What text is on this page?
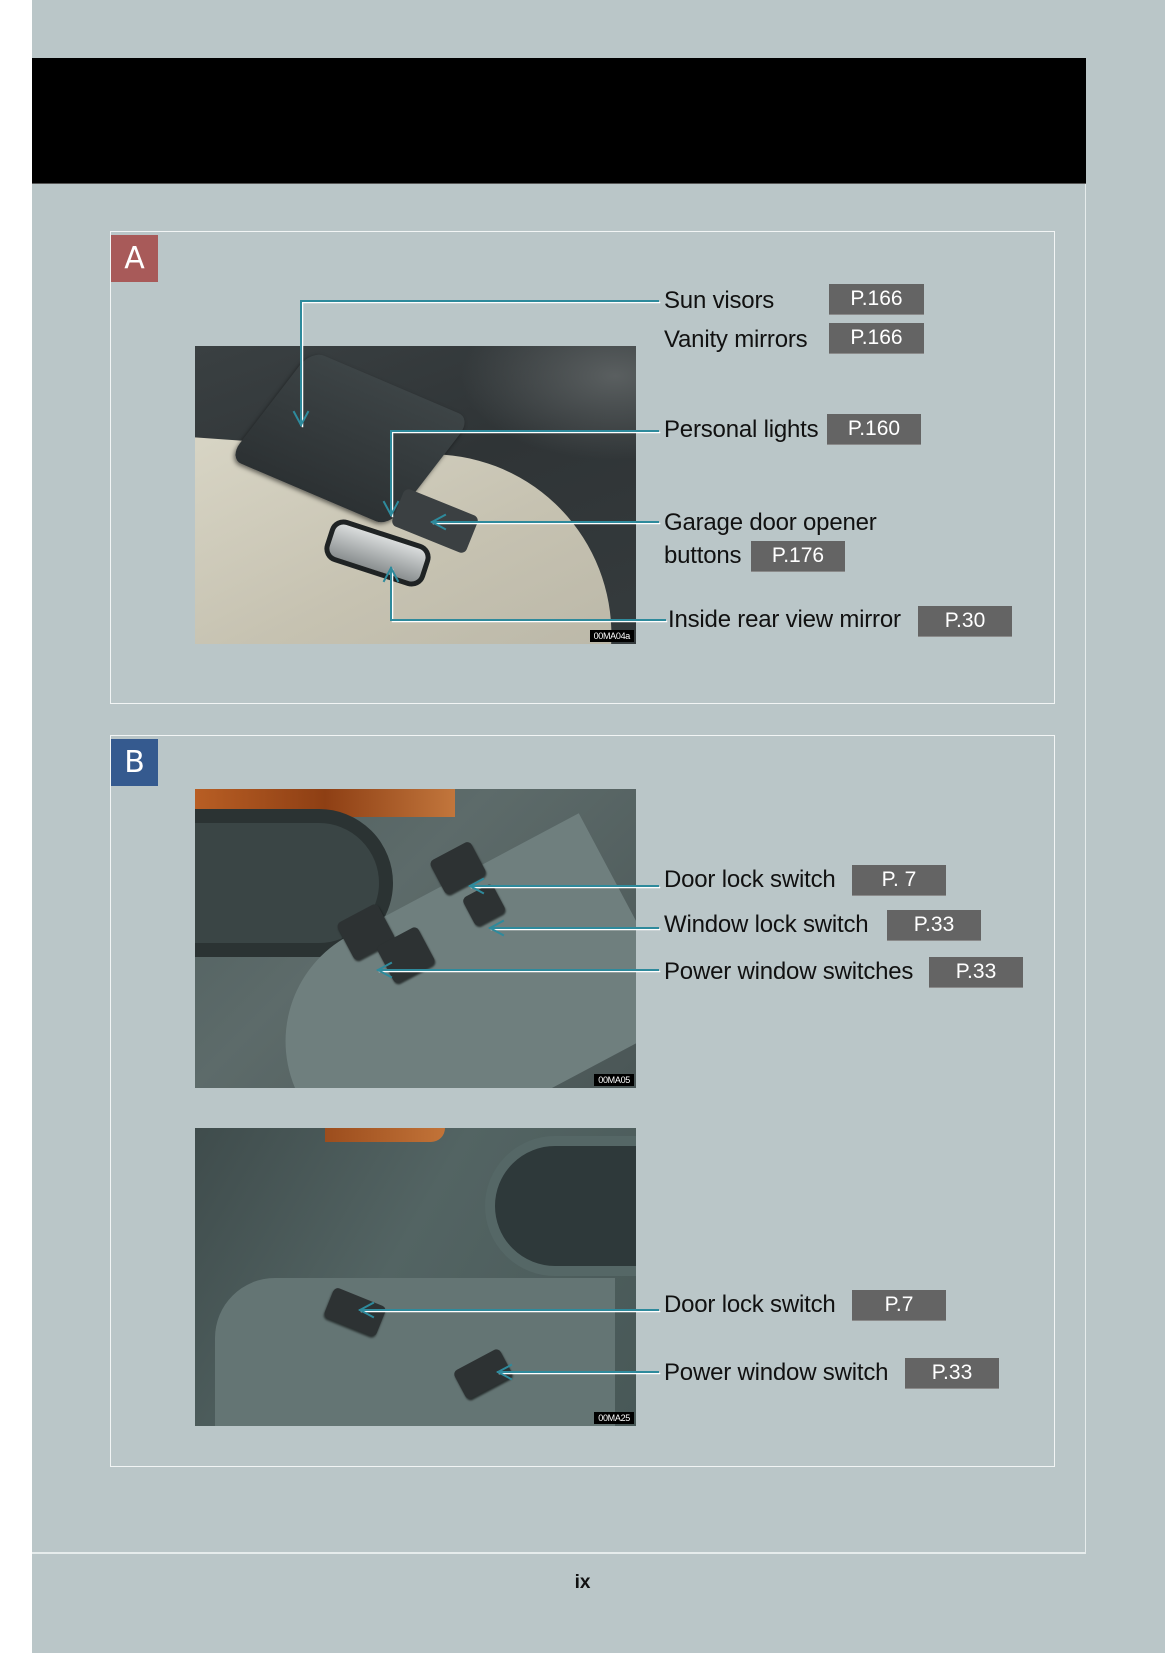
A
00MA04a
B
00MA05
00MA25
Sun visors	P.166
Vanity mirrors	P.166
Personal lights	P.160
Garage door opener
buttons	P.176
Inside rear view mirror	P.30
Door lock switch	P. 7
Window lock switch	P.33
Power window switches	P.33
Door lock switch	P.7
Power window switch	P.33
ix
